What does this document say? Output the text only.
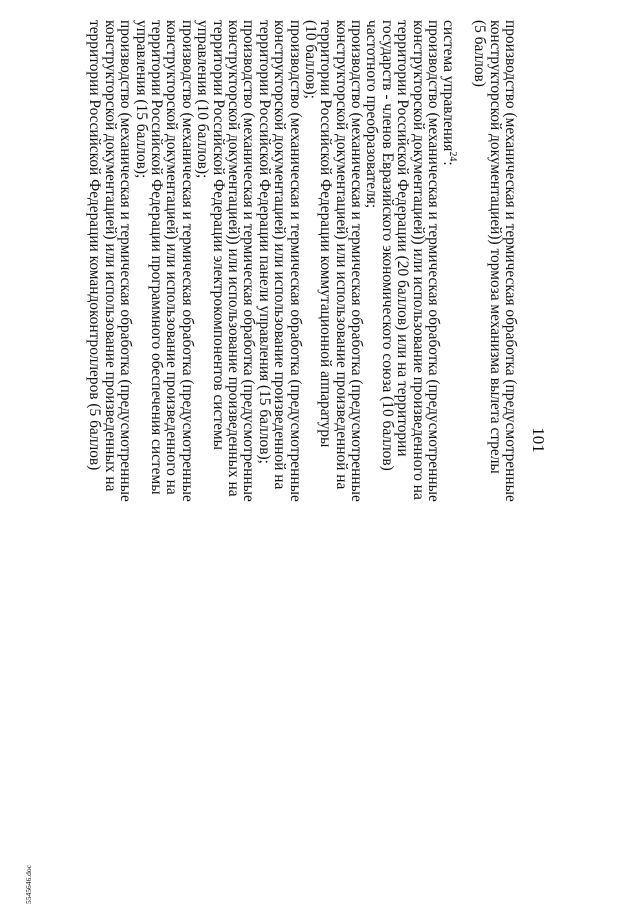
101
производство (механическая и термическая обработка (предусмотренные
конструкторской документацией)) тормоза механизма вылета стрелы
(5 баллов)
система управления$^{24}$:
производство (механическая и термическая обработка (предусмотренные
конструкторской документацией)) или использование произведенного на
территории Российской Федерации (20 баллов) или на территории
государств - членов Евразийского экономического союза (10 баллов)
частотного преобразователя;
производство (механическая и термическая обработка (предусмотренные
конструкторской документацией) или использование произведенной на
территории Российской Федерации коммутационной аппаратуры
(10 баллов);
производство (механическая и термическая обработка (предусмотренные
конструкторской документацией) или использование произведенной на
территории Российской Федерации панели управления (15 баллов);
производство (механическая и термическая обработка (предусмотренные
конструкторской документацией)) или использование произведенных на
территории Российской Федерации электрокомпонентов системы
управления (10 баллов);
производство (механическая и термическая обработка (предусмотренные
конструкторской документацией) или использование произведенного на
территории Российской Федерации программного обеспечения системы
управления (15 баллов);
производство (механическая и термическая обработка (предусмотренные
конструкторской документацией) или использование произведенных на
территории Российской Федерации командоконтроллеров (5 баллов)
5545646.doc
